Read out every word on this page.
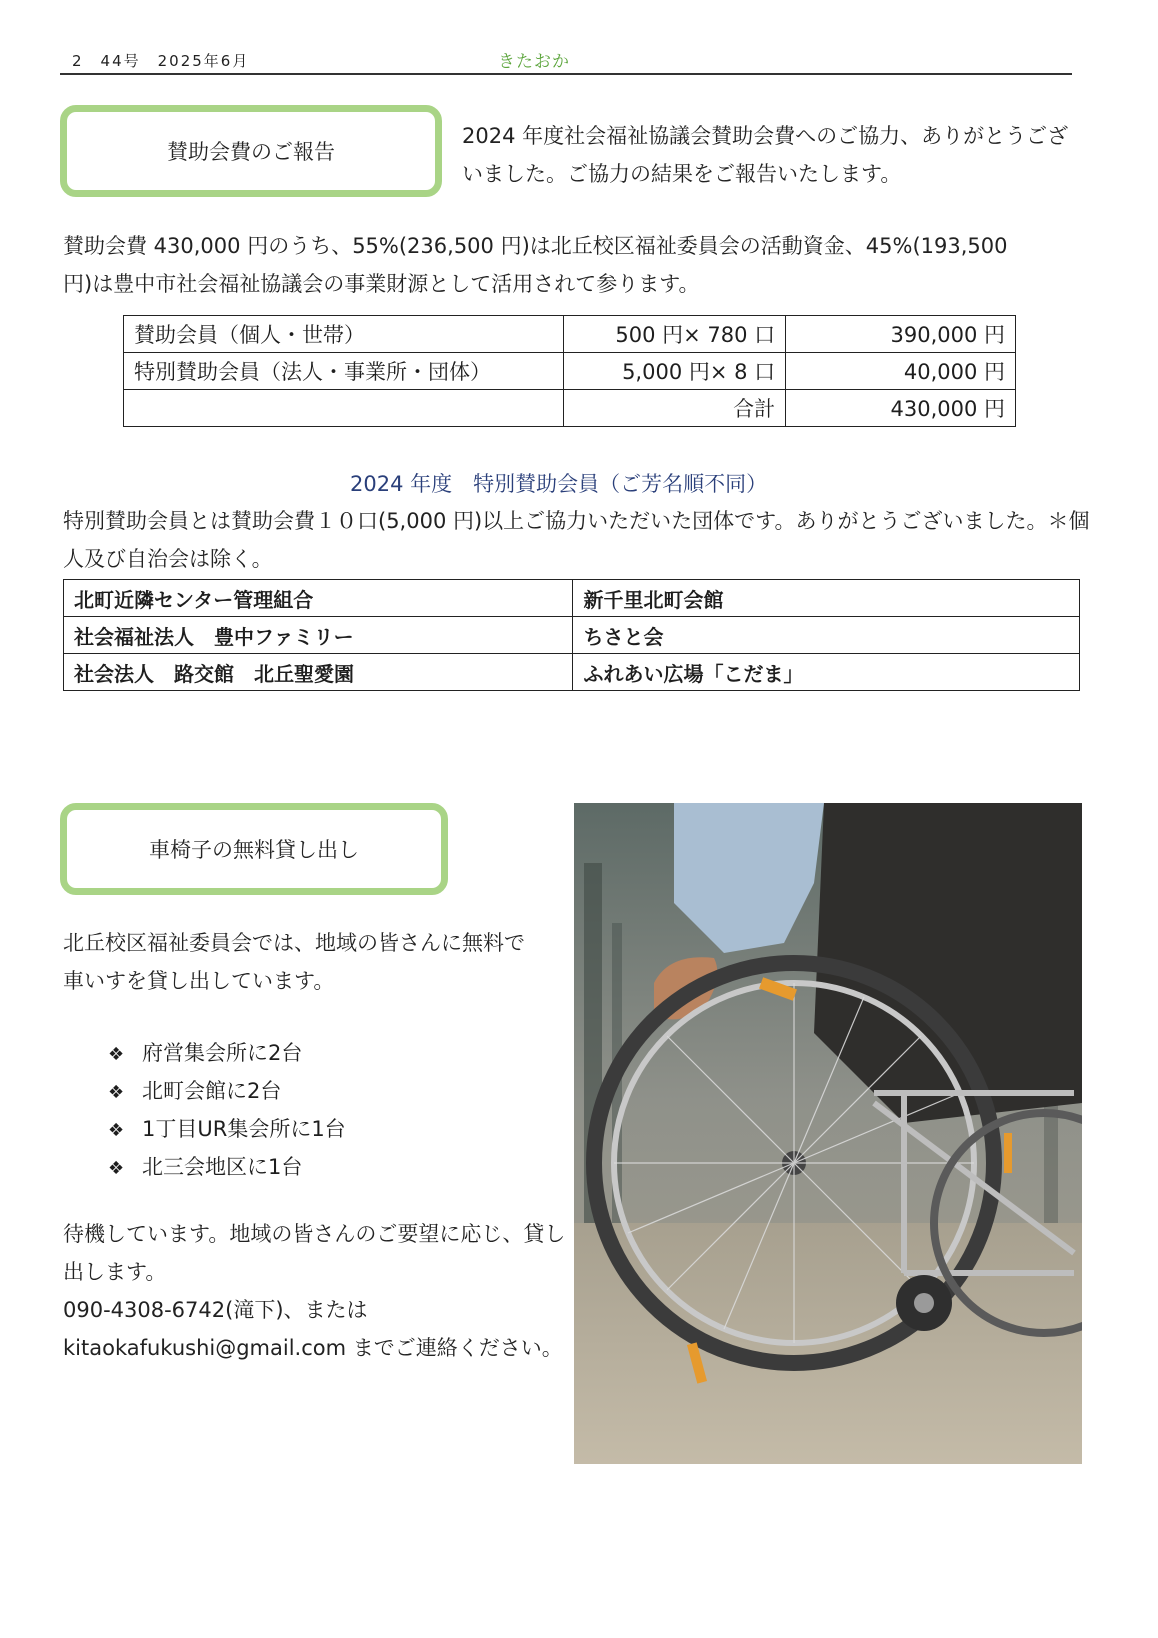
2　44号　2025年6月	きたおか
賛助会費のご報告
2024 年度社会福祉協議会賛助会費へのご協力、ありがとうござ
いました。ご協力の結果をご報告いたします。
賛助会費 430,000 円のうち、55%(236,500 円)は北丘校区福祉委員会の活動資金、45%(193,500
円)は豊中市社会福祉協議会の事業財源として活用されて参ります。
賛助会員（個人・世帯）	500 円× 780 口	390,000 円
特別賛助会員（法人・事業所・団体）	5,000 円× 8 口	40,000 円
	合計	430,000 円
2024 年度　特別賛助会員（ご芳名順不同）
特別賛助会員とは賛助会費１０口(5,000 円)以上ご協力いただいた団体です。ありがとうございました。＊個
人及び自治会は除く。
北町近隣センター管理組合	新千里北町会館
社会福祉法人　豊中ファミリー	ちさと会
社会法人　路交館　北丘聖愛園	ふれあい広場「こだま」
車椅子の無料貸し出し
北丘校区福祉委員会では、地域の皆さんに無料で
車いすを貸し出しています。
❖ 府営集会所に2台
❖ 北町会館に2台
❖ 1丁目UR集会所に1台
❖ 北三会地区に1台
待機しています。地域の皆さんのご要望に応じ、貸し
出します。
090-4308-6742(滝下)、または
kitaokafukushi@gmail.com までご連絡ください。
